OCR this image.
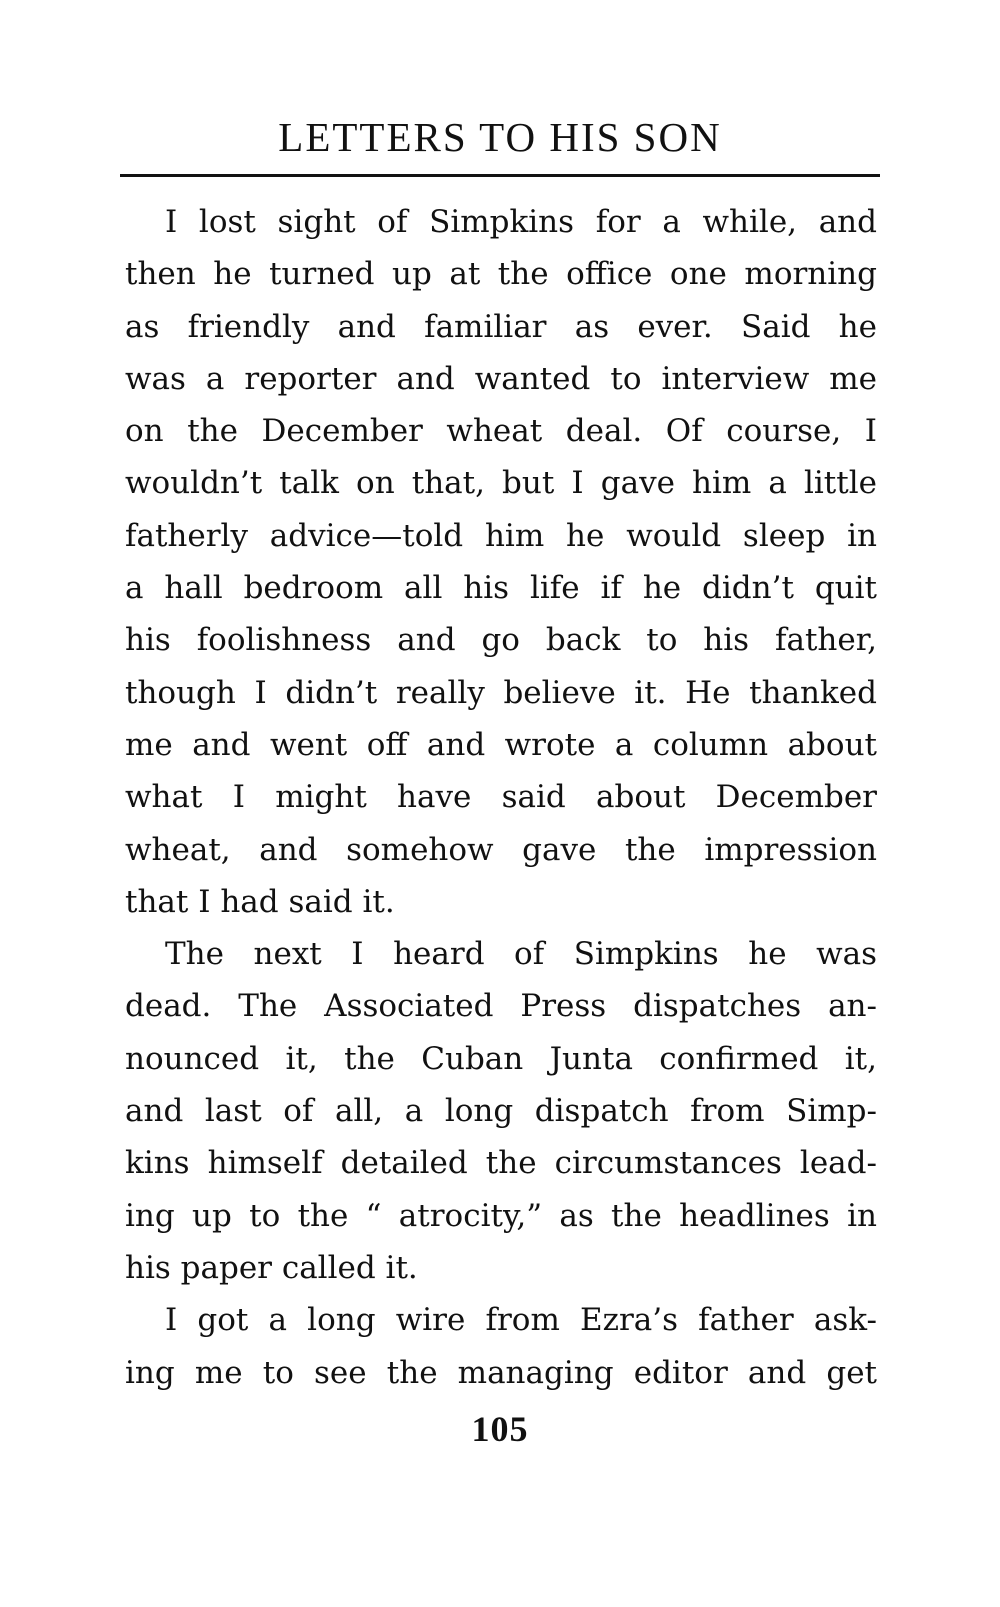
LETTERS TO HIS SON
I lost sight of Simpkins for a while, and
then he turned up at the office one morning
as friendly and familiar as ever. Said he
was a reporter and wanted to interview me
on the December wheat deal. Of course, I
wouldn’t talk on that, but I gave him a little
fatherly advice—told him he would sleep in
a hall bedroom all his life if he didn’t quit
his foolishness and go back to his father,
though I didn’t really believe it. He thanked
me and went off and wrote a column about
what I might have said about December
wheat, and somehow gave the impression
that I had said it.
The next I heard of Simpkins he was
dead. The Associated Press dispatches an-
nounced it, the Cuban Junta confirmed it,
and last of all, a long dispatch from Simp-
kins himself detailed the circumstances lead-
ing up to the “ atrocity,” as the headlines in
his paper called it.
I got a long wire from Ezra’s father ask-
ing me to see the managing editor and get
105
